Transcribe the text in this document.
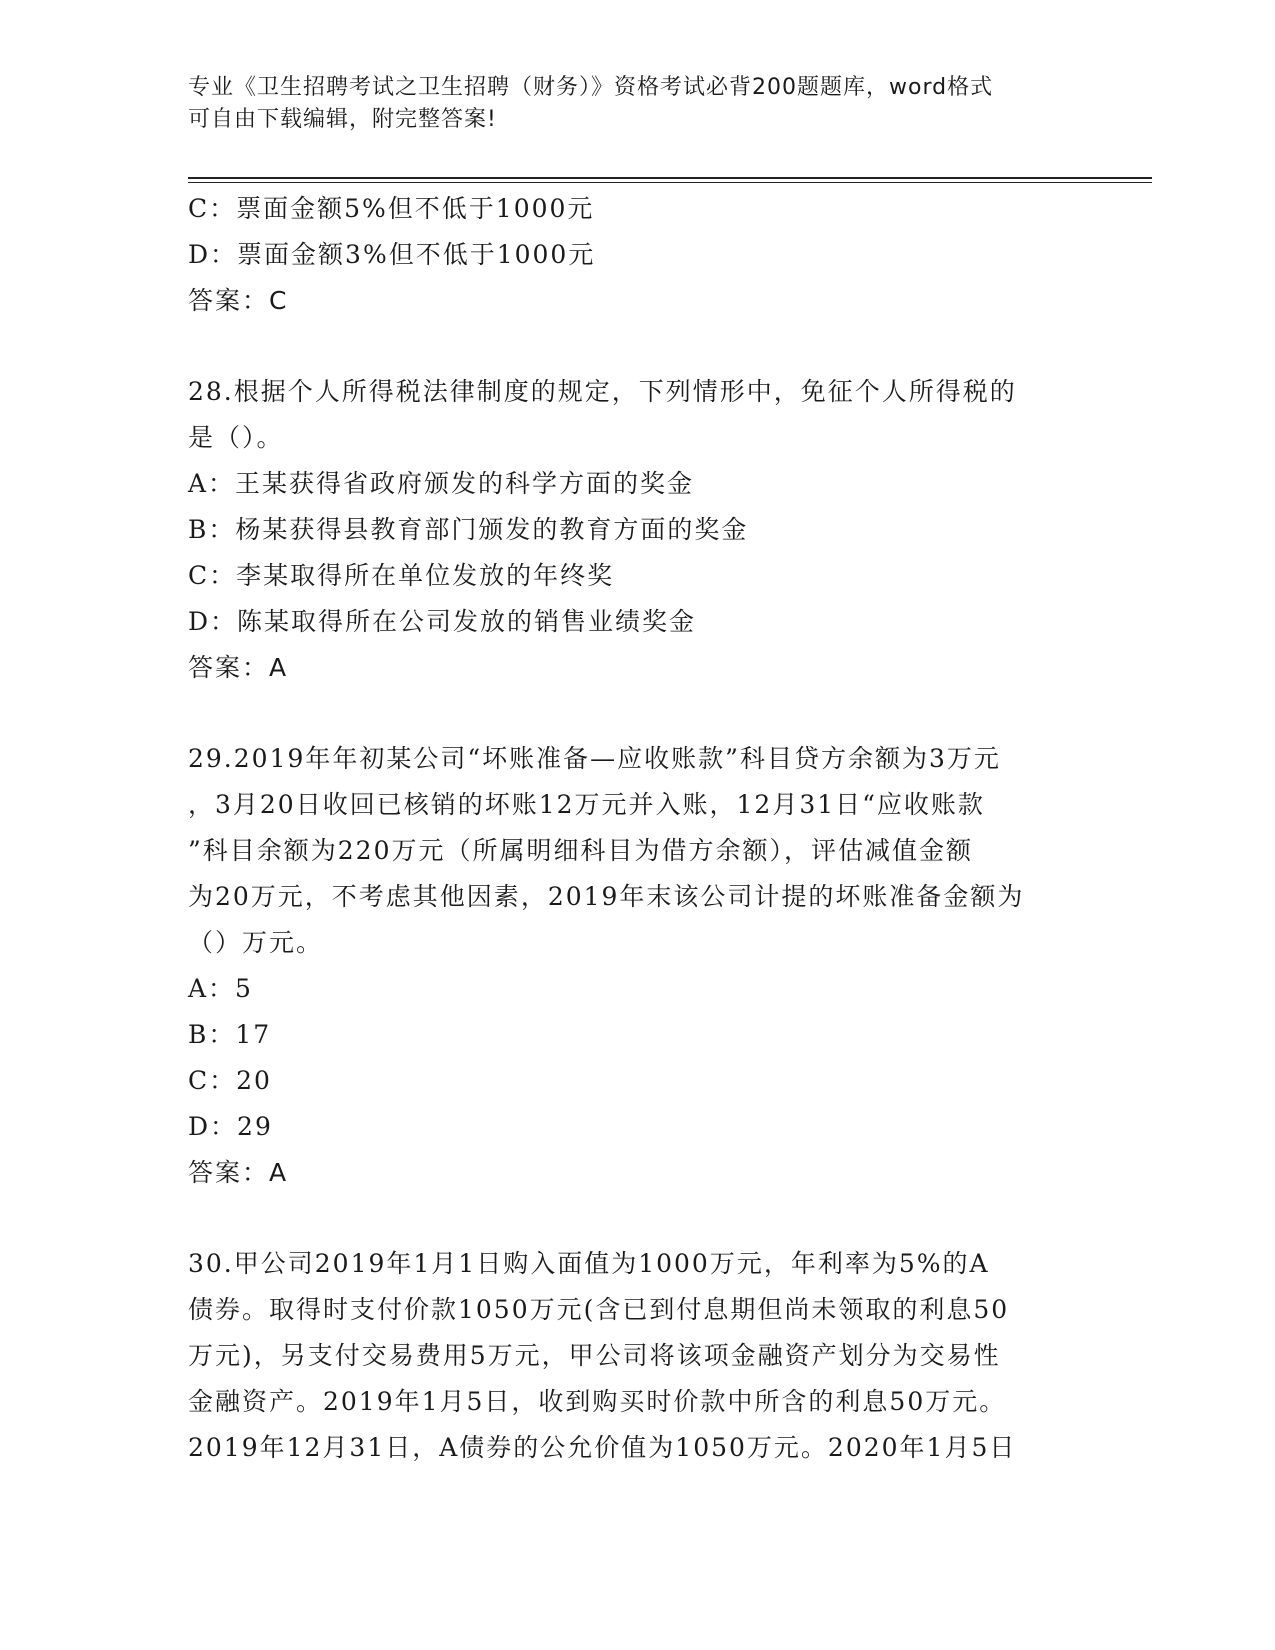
专业《卫生招聘考试之卫生招聘（财务）》资格考试必背200题题库，word格式
可自由下载编辑，附完整答案!
C：票面金额5%但不低于1000元
D：票面金额3%但不低于1000元
答案：C
28.根据个人所得税法律制度的规定，下列情形中，免征个人所得税的
是（）。
A：王某获得省政府颁发的科学方面的奖金
B：杨某获得县教育部门颁发的教育方面的奖金
C：李某取得所在单位发放的年终奖
D：陈某取得所在公司发放的销售业绩奖金
答案：A
29.2019年年初某公司“坏账准备—应收账款”科目贷方余额为3万元
，3月20日收回已核销的坏账12万元并入账，12月31日“应收账款
”科目余额为220万元（所属明细科目为借方余额），评估减值金额
为20万元，不考虑其他因素，2019年末该公司计提的坏账准备金额为
（）万元。
A：5
B：17
C：20
D：29
答案：A
30.甲公司2019年1月1日购入面值为1000万元，年利率为5%的A
债券。取得时支付价款1050万元(含已到付息期但尚未领取的利息50
万元)，另支付交易费用5万元，甲公司将该项金融资产划分为交易性
金融资产。2019年1月5日，收到购买时价款中所含的利息50万元。
2019年12月31日，A债券的公允价值为1050万元。2020年1月5日
